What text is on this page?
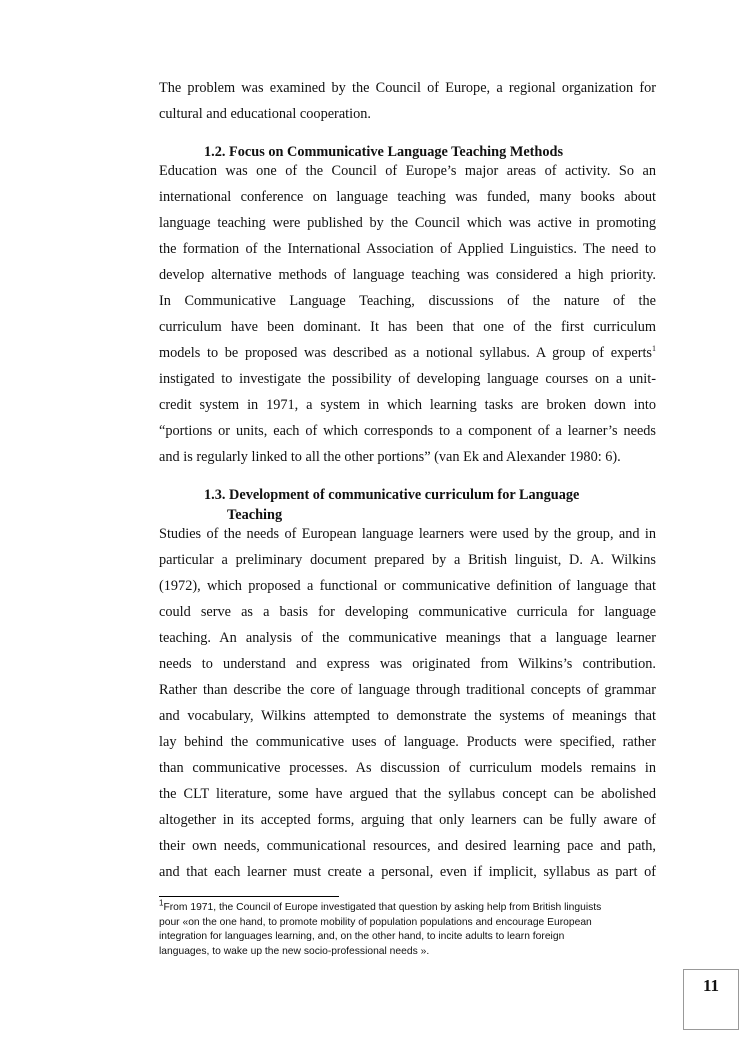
The problem was examined by the Council of Europe, a regional organization for
cultural and educational cooperation.
1.2. Focus on Communicative Language Teaching Methods
Education was one of the Council of Europe’s major areas of activity. So an
international conference on language teaching was funded, many books about
language teaching were published by the Council which was active in promoting
the formation of the International Association of Applied Linguistics. The need to
develop alternative methods of language teaching was considered a high priority.
In Communicative Language Teaching, discussions of the nature of the
curriculum have been dominant. It has been that one of the first curriculum
models to be proposed was described as a notional syllabus. A group of experts$^1$
instigated to investigate the possibility of developing language courses on a unit-
credit system in 1971, a system in which learning tasks are broken down into
“portions or units, each of which corresponds to a component of a learner’s needs
and is regularly linked to all the other portions” (van Ek and Alexander 1980: 6).
1.3. Development of communicative curriculum for Language
Teaching
Studies of the needs of European language learners were used by the group, and in
particular a preliminary document prepared by a British linguist, D. A. Wilkins
(1972), which proposed a functional or communicative definition of language that
could serve as a basis for developing communicative curricula for language
teaching. An analysis of the communicative meanings that a language learner
needs to understand and express was originated from Wilkins’s contribution.
Rather than describe the core of language through traditional concepts of grammar
and vocabulary, Wilkins attempted to demonstrate the systems of meanings that
lay behind the communicative uses of language. Products were specified, rather
than communicative processes. As discussion of curriculum models remains in
the CLT literature, some have argued that the syllabus concept can be abolished
altogether in its accepted forms, arguing that only learners can be fully aware of
their own needs, communicational resources, and desired learning pace and path,
and that each learner must create a personal, even if implicit, syllabus as part of
$^1$From 1971, the Council of Europe investigated that question by asking help from British linguists
pour «on the one hand, to promote mobility of population populations and encourage European
integration for languages learning, and, on the other hand, to incite adults to learn foreign
languages, to wake up the new socio-professional needs ».
11
